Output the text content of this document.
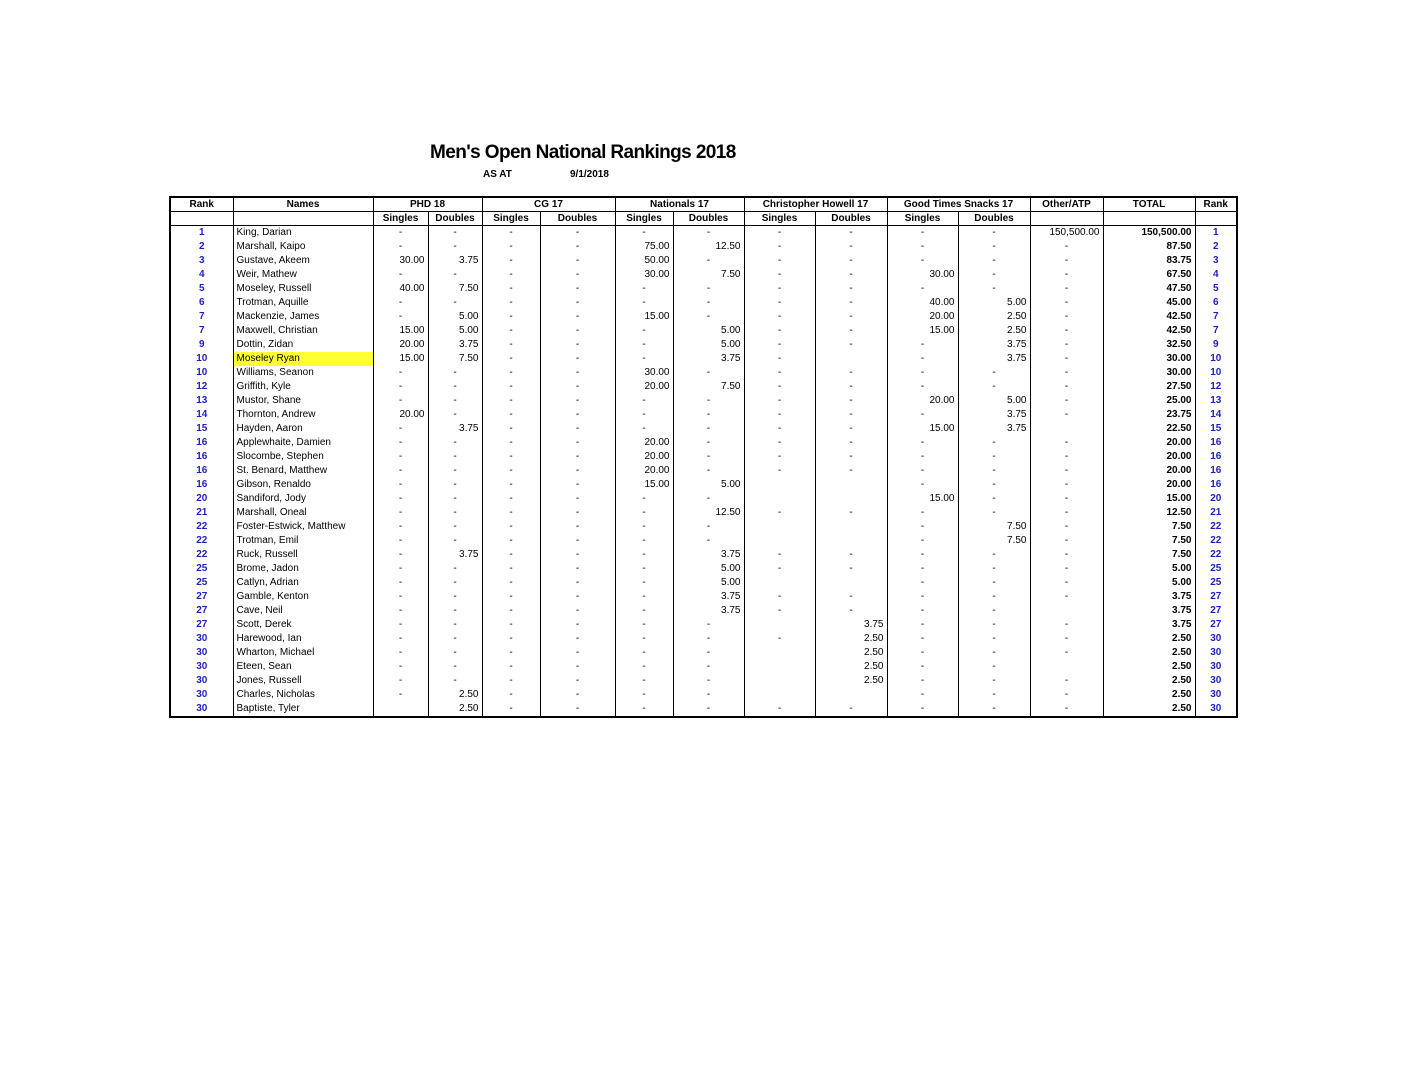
Men's Open National Rankings 2018
AS AT	9/1/2018
Rank	Names	PHD 18		CG 17		Nationals 17		Christopher Howell 17		Good Times Snacks 17		Other/ATP	TOTAL	Rank
		Singles	Doubles	Singles	Doubles	Singles	Doubles	Singles	Doubles	Singles	Doubles			
1	King, Darian	-	-	-	-	-	-	-	-	-	-	150,500.00	150,500.00	1
2	Marshall, Kaipo	-	-	-	-	75.00	12.50	-	-	-	-	-	87.50	2
3	Gustave, Akeem	30.00	3.75	-	-	50.00	-	-	-	-	-	-	83.75	3
4	Weir, Mathew	-	-	-	-	30.00	7.50	-	-	30.00	-	-	67.50	4
5	Moseley, Russell	40.00	7.50	-	-	-	-	-	-	-	-	-	47.50	5
6	Trotman, Aquille	-	-	-	-	-	-	-	-	40.00	5.00	-	45.00	6
7	Mackenzie, James	-	5.00	-	-	15.00	-	-	-	20.00	2.50	-	42.50	7
7	Maxwell, Christian	15.00	5.00	-	-	-	5.00	-	-	15.00	2.50	-	42.50	7
9	Dottin, Zidan	20.00	3.75	-	-	-	5.00	-	-	-	3.75	-	32.50	9
10	Moseley Ryan	15.00	7.50	-	-	-	3.75	-		-	3.75	-	30.00	10
10	Williams, Seanon	-	-	-	-	30.00	-	-	-	-	-	-	30.00	10
12	Griffith, Kyle	-	-	-	-	20.00	7.50	-	-	-	-	-	27.50	12
13	Mustor, Shane	-	-	-	-	-	-	-	-	20.00	5.00	-	25.00	13
14	Thornton, Andrew	20.00	-	-	-	-	-	-	-	-	3.75	-	23.75	14
15	Hayden, Aaron	-	3.75	-	-	-	-	-	-	15.00	3.75		22.50	15
16	Applewhaite, Damien	-	-	-	-	20.00	-	-	-	-	-	-	20.00	16
16	Slocombe, Stephen	-	-	-	-	20.00	-	-	-	-	-	-	20.00	16
16	St. Benard, Matthew	-	-	-	-	20.00	-	-	-	-	-	-	20.00	16
16	Gibson, Renaldo	-	-	-	-	15.00	5.00			-	-	-	20.00	16
20	Sandiford, Jody	-	-	-	-	-	-			15.00	-	-	15.00	20
21	Marshall, Oneal	-	-	-	-	-	12.50	-	-	-	-	-	12.50	21
22	Foster-Estwick, Matthew	-	-	-	-	-	-			-	7.50	-	7.50	22
22	Trotman, Emil	-	-	-	-	-	-			-	7.50	-	7.50	22
22	Ruck, Russell	-	3.75	-	-	-	3.75	-	-	-	-	-	7.50	22
25	Brome, Jadon	-	-	-	-	-	5.00	-	-	-	-	-	5.00	25
25	Catlyn, Adrian	-	-	-	-	-	5.00			-	-	-	5.00	25
27	Gamble, Kenton	-	-	-	-	-	3.75	-	-	-	-	-	3.75	27
27	Cave, Neil	-	-	-	-	-	3.75	-	-	-	-		3.75	27
27	Scott, Derek	-	-	-	-	-	-		3.75	-	-	-	3.75	27
30	Harewood, Ian	-	-	-	-	-	-	-	2.50	-	-	-	2.50	30
30	Wharton, Michael	-	-	-	-	-	-		2.50	-	-	-	2.50	30
30	Eteen, Sean	-	-	-	-	-	-		2.50	-	-		2.50	30
30	Jones, Russell	-	-	-	-	-	-		2.50	-	-	-	2.50	30
30	Charles, Nicholas	-	2.50	-	-	-	-			-	-	-	2.50	30
30	Baptiste, Tyler		2.50	-	-	-	-	-	-	-	-	-	2.50	30
